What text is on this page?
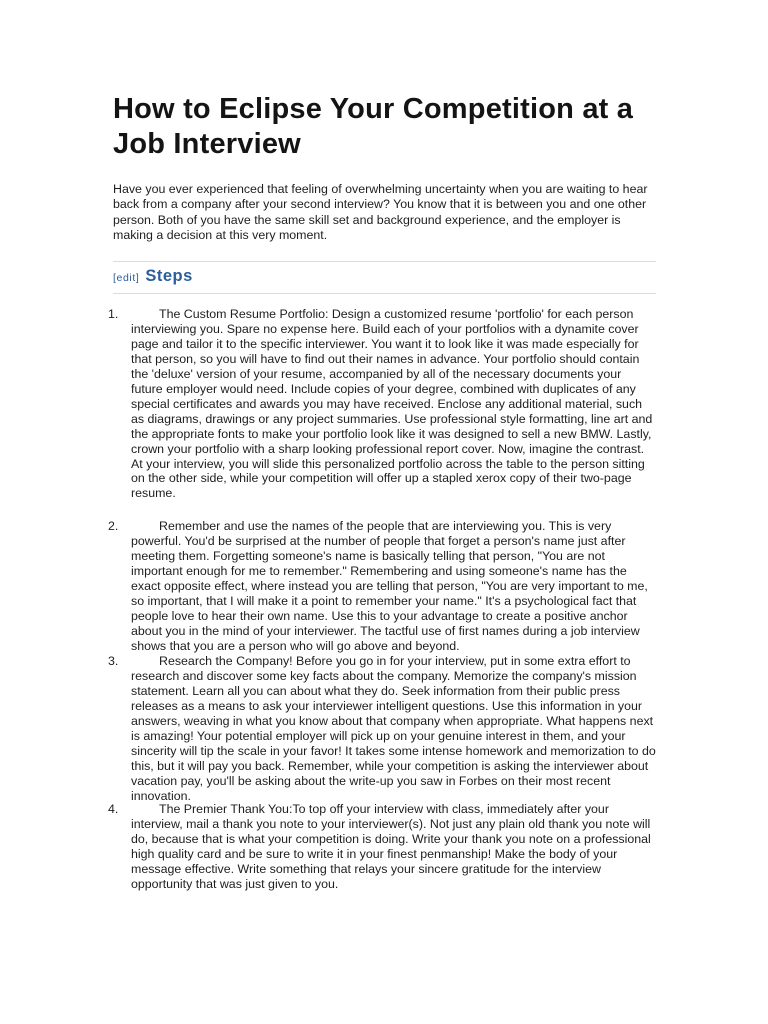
How to Eclipse Your Competition at a Job Interview

Have you ever experienced that feeling of overwhelming uncertainty when you are waiting to hear back from a company after your second interview? You know that it is between you and one other person. Both of you have the same skill set and background experience, and the employer is making a decision at this very moment.

[edit] Steps
1.	The Custom Resume Portfolio: Design a customized resume 'portfolio' for each person interviewing you. Spare no expense here. Build each of your portfolios with a dynamite cover page and tailor it to the specific interviewer. You want it to look like it was made especially for that person, so you will have to find out their names in advance. Your portfolio should contain the 'deluxe' version of your resume, accompanied by all of the necessary documents your future employer would need. Include copies of your degree, combined with duplicates of any special certificates and awards you may have received. Enclose any additional material, such as diagrams, drawings or any project summaries. Use professional style formatting, line art and the appropriate fonts to make your portfolio look like it was designed to sell a new BMW. Lastly, crown your portfolio with a sharp looking professional report cover. Now, imagine the contrast. At your interview, you will slide this personalized portfolio across the table to the person sitting on the other side, while your competition will offer up a stapled xerox copy of their two-page resume.
2.	Remember and use the names of the people that are interviewing you. This is very powerful. You'd be surprised at the number of people that forget a person's name just after meeting them. Forgetting someone's name is basically telling that person, "You are not important enough for me to remember." Remembering and using someone's name has the exact opposite effect, where instead you are telling that person, "You are very important to me, so important, that I will make it a point to remember your name." It's a psychological fact that people love to hear their own name. Use this to your advantage to create a positive anchor about you in the mind of your interviewer. The tactful use of first names during a job interview shows that you are a person who will go above and beyond.
3.	Research the Company! Before you go in for your interview, put in some extra effort to research and discover some key facts about the company. Memorize the company's mission statement. Learn all you can about what they do. Seek information from their public press releases as a means to ask your interviewer intelligent questions. Use this information in your answers, weaving in what you know about that company when appropriate. What happens next is amazing! Your potential employer will pick up on your genuine interest in them, and your sincerity will tip the scale in your favor! It takes some intense homework and memorization to do this, but it will pay you back. Remember, while your competition is asking the interviewer about vacation pay, you'll be asking about the write-up you saw in Forbes on their most recent innovation.
4.	The Premier Thank You:To top off your interview with class, immediately after your interview, mail a thank you note to your interviewer(s). Not just any plain old thank you note will do, because that is what your competition is doing. Write your thank you note on a professional high quality card and be sure to write it in your finest penmanship! Make the body of your message effective. Write something that relays your sincere gratitude for the interview opportunity that was just given to you.
